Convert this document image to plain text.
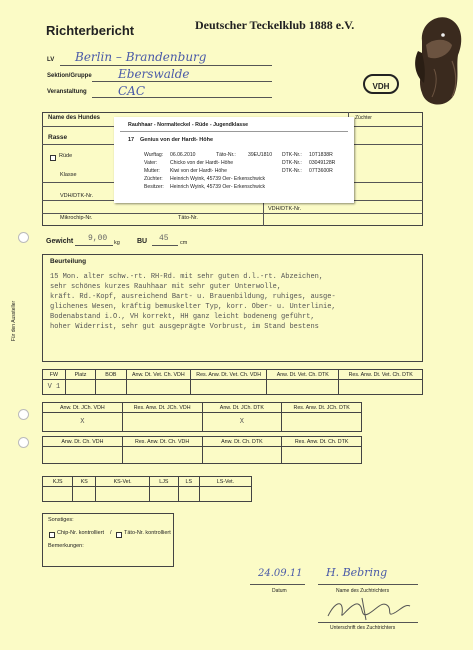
Richterbericht	Deutscher Teckelklub 1888 e.V.
VDH
LV Berlin – Brandenburg
Sektion/Gruppe Eberswalde
Veranstaltung	CAC
Name des Hundes	Züchter
Rasse
Rüde
Klasse
VDH/DTK-Nr.
VDH/DTK-Nr.
Mikrochip-Nr.	Täto-Nr.
Rauhhaar - Normalteckel - Rüde - Jugendklasse
17 Genius von der Hardt- Höhe
Wurftag: 06.06.2010	Täto-Nr.: 39EU1810 DTK-Nr.: 10T1838R
Vater:	Chicko von der Hardt- Höhe	DTK-Nr.: 03049128R
Mutter: Kiwi von der Hardt- Höhe	DTK-Nr.: 07T3600R
Züchter: Heinrich Wyink, 45739 Oer- Erkenschwick
Besitzer: Heinrich Wyink, 45739 Oer- Erkenschwick
Gewicht 9,00 kg BU 45 cm
Beurteilung
15 Mon. alter schw.-rt. RH-Rd. mit sehr guten d.l.-rt. Abzeichen,
sehr schönes kurzes Rauhhaar mit sehr guter Unterwolle,
kräft. Rd.-Kopf, ausreichend Bart- u. Brauenbildung, ruhiges, ausge-
glichenes Wesen, kräftig bemuskelter Typ, korr. Ober- u. Unterlinie,
Bodenabstand i.O., VH korrekt, HH ganz leicht bodeneng geführt,
hoher Widerrist, sehr gut ausgeprägte Vorbrust, im Stand bestens
Für den Aussteller
FW	Platz	BOB	Anw. Dt. Vet. Ch. VDH	Res. Anw. Dt. Vet. Ch. VDH	Anw. Dt. Vet. Ch. DTK	Res. Anw. Dt. Vet. Ch. DTK
V 1						
Anw. Dt. JCh. VDH	Res. Anw. Dt. JCh. VDH	Anw. Dt. JCh. DTK	Res. Anw. Dt. JCh. DTK
X		X	
Anw. Dt. Ch. VDH	Res. Anw. Dt. Ch. VDH	Anw. Dt. Ch. DTK	Res. Anw. Dt. Ch. DTK

KJS	KS	KS-Vet.	LJS	LS	LS-Vet.

Sonstiges:
Chip-Nr. kontrolliert / Täto-Nr. kontrolliert
Bemerkungen:
24.09.11 H. Bebring
Datum	Name des Zuchtrichters
Unterschrift des Zuchtrichters
